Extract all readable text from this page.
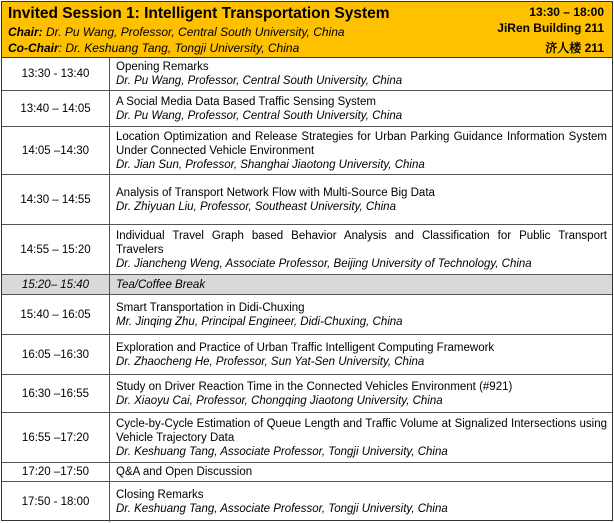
Invited Session 1: Intelligent Transportation System
Chair: Dr. Pu Wang, Professor, Central South University, China
Co-Chair: Dr. Keshuang Tang, Tongji University, China
13:30 – 18:00
JiRen Building 211
济人楼 211
13:30 - 13:40	Opening Remarks
Dr. Pu Wang, Professor, Central South University, China

13:40 – 14:05	A Social Media Data Based Traffic Sensing System
Dr. Pu Wang, Professor, Central South University, China

14:05 –14:30	Location Optimization and Release Strategies for Urban Parking Guidance Information System Under Connected Vehicle Environment
Dr. Jian Sun, Professor, Shanghai Jiaotong University, China

14:30 – 14:55	Analysis of Transport Network Flow with Multi-Source Big Data
Dr. Zhiyuan Liu, Professor, Southeast University, China

14:55 – 15:20	Individual Travel Graph based Behavior Analysis and Classification for Public Transport Travelers
Dr. Jiancheng Weng, Associate Professor, Beijing University of Technology, China

15:20– 15:40	Tea/Coffee Break

15:40 – 16:05	Smart Transportation in Didi-Chuxing
Mr. Jinqing Zhu, Principal Engineer, Didi-Chuxing, China

16:05 –16:30	Exploration and Practice of Urban Traffic Intelligent Computing Framework
Dr. Zhaocheng He, Professor, Sun Yat-Sen University, China

16:30 –16:55	Study on Driver Reaction Time in the Connected Vehicles Environment (#921)
Dr. Xiaoyu Cai, Professor, Chongqing Jiaotong University, China

16:55 –17:20	Cycle-by-Cycle Estimation of Queue Length and Traffic Volume at Signalized Intersections using Vehicle Trajectory Data
Dr. Keshuang Tang, Associate Professor, Tongji University, China

17:20 –17:50	Q&A and Open Discussion

17:50 - 18:00	Closing Remarks
Dr. Keshuang Tang, Associate Professor, Tongji University, China
